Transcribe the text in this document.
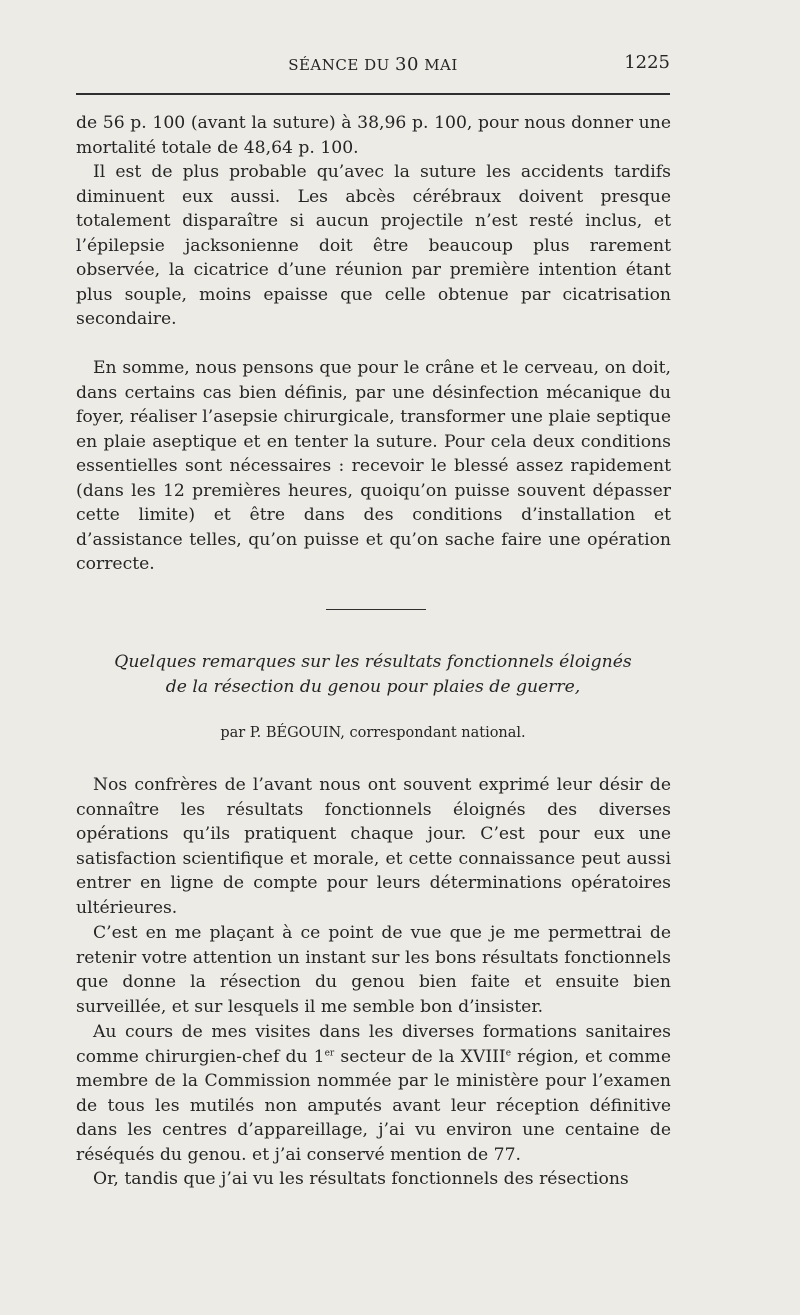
SÉANCE DU 30 MAI	1225

de 56 p. 100 (avant la suture) à 38,96 p. 100, pour nous donner une mortalité totale de 48,64 p. 100.

Il est de plus probable qu’avec la suture les accidents tardifs diminuent eux aussi. Les abcès cérébraux doivent presque totalement disparaître si aucun projectile n’est resté inclus, et l’épilepsie jacksonienne doit être beaucoup plus rarement observée, la cicatrice d’une réunion par première intention étant plus souple, moins epaisse que celle obtenue par cicatrisation secondaire.

En somme, nous pensons que pour le crâne et le cerveau, on doit, dans certains cas bien définis, par une désinfection mécanique du foyer, réaliser l’asepsie chirurgicale, transformer une plaie septique en plaie aseptique et en tenter la suture. Pour cela deux conditions essentielles sont nécessaires : recevoir le blessé assez rapidement (dans les 12 premières heures, quoiqu’on puisse souvent dépasser cette limite) et être dans des conditions d’installation et d’assistance telles, qu’on puisse et qu’on sache faire une opération correcte.

Quelques remarques sur les résultats fonctionnels éloignés
de la résection du genou pour plaies de guerre,
par P. BÉGOUIN, correspondant national.

Nos confrères de l’avant nous ont souvent exprimé leur désir de connaître les résultats fonctionnels éloignés des diverses opérations qu’ils pratiquent chaque jour. C’est pour eux une satisfaction scientifique et morale, et cette connaissance peut aussi entrer en ligne de compte pour leurs déterminations opératoires ultérieures.

C’est en me plaçant à ce point de vue que je me permettrai de retenir votre attention un instant sur les bons résultats fonctionnels que donne la résection du genou bien faite et ensuite bien surveillée, et sur lesquels il me semble bon d’insister.

Au cours de mes visites dans les diverses formations sanitaires comme chirurgien-chef du 1er secteur de la XVIIIe région, et comme membre de la Commission nommée par le ministère pour l’examen de tous les mutilés non amputés avant leur réception définitive dans les centres d’appareillage, j’ai vu environ une centaine de réséqués du genou. et j’ai conservé mention de 77.

Or, tandis que j’ai vu les résultats fonctionnels des résections
